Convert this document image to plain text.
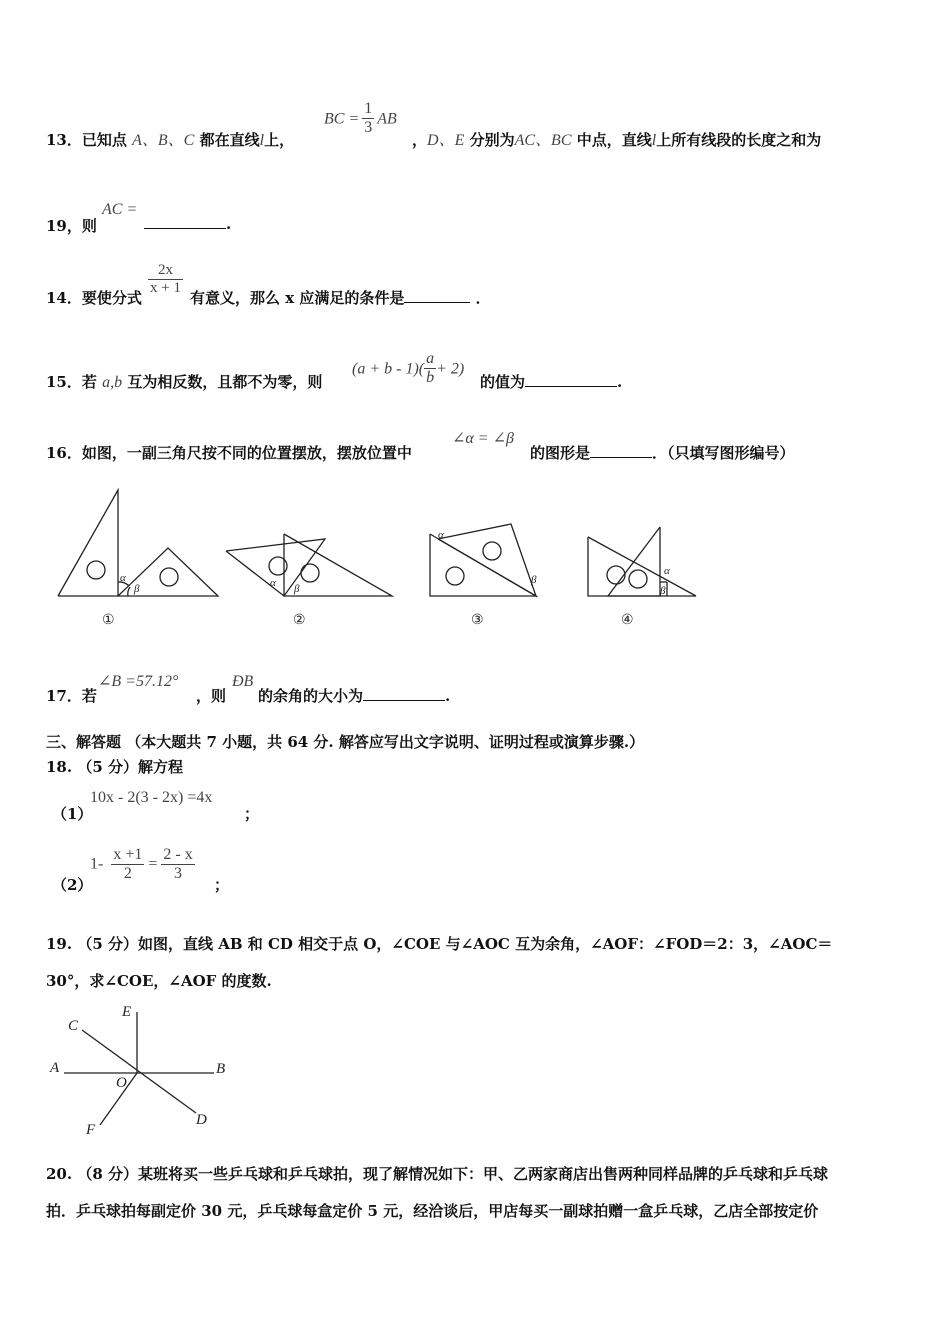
13．已知点 A、B、C 都在直线l上，
BC = $\frac{1}{3}$ AB
，D、E 分别为AC、BC 中点，直线l上所有线段的长度之和为
19，则
AC =
.
14．要使分式
$\frac{2x}{x + 1}$
有意义，那么 x 应满足的条件是	．
15．若 a,b 互为相反数，且都不为零，则
$(a + b - 1)( \frac{a}{b} + 2)$
的值为	.
16．如图，一副三角尺按不同的位置摆放，摆放位置中
∠α = ∠β
的图形是	．（只填写图形编号）
α
β	α β
α
β
α
β
①	②	③	④
17．若
∠B =57.12°
，则
ÐB
的余角的大小为	.
三、解答题 （本大题共 7 小题，共 64 分. 解答应写出文字说明、证明过程或演算步骤.）
18. （5 分）解方程
（1）
10x - 2(3 - 2x) =4x
；
（2）
$1- \frac{x +1}{2} = \frac{2 - x}{3}$
；
19. （5 分）如图，直线 AB 和 CD 相交于点 O，∠COE 与∠AOC 互为余角，∠AOF：∠FOD＝2：3，∠AOC＝
30°，求∠COE，∠AOF 的度数.
A	B
C
D
E
F
O
20. （8 分）某班将买一些乒乓球和乒乓球拍，现了解情况如下：甲、乙两家商店出售两种同样品牌的乒乓球和乒乓球
拍．乒乓球拍每副定价 30 元，乒乓球每盒定价 5 元，经洽谈后，甲店每买一副球拍赠一盒乒乓球，乙店全部按定价
